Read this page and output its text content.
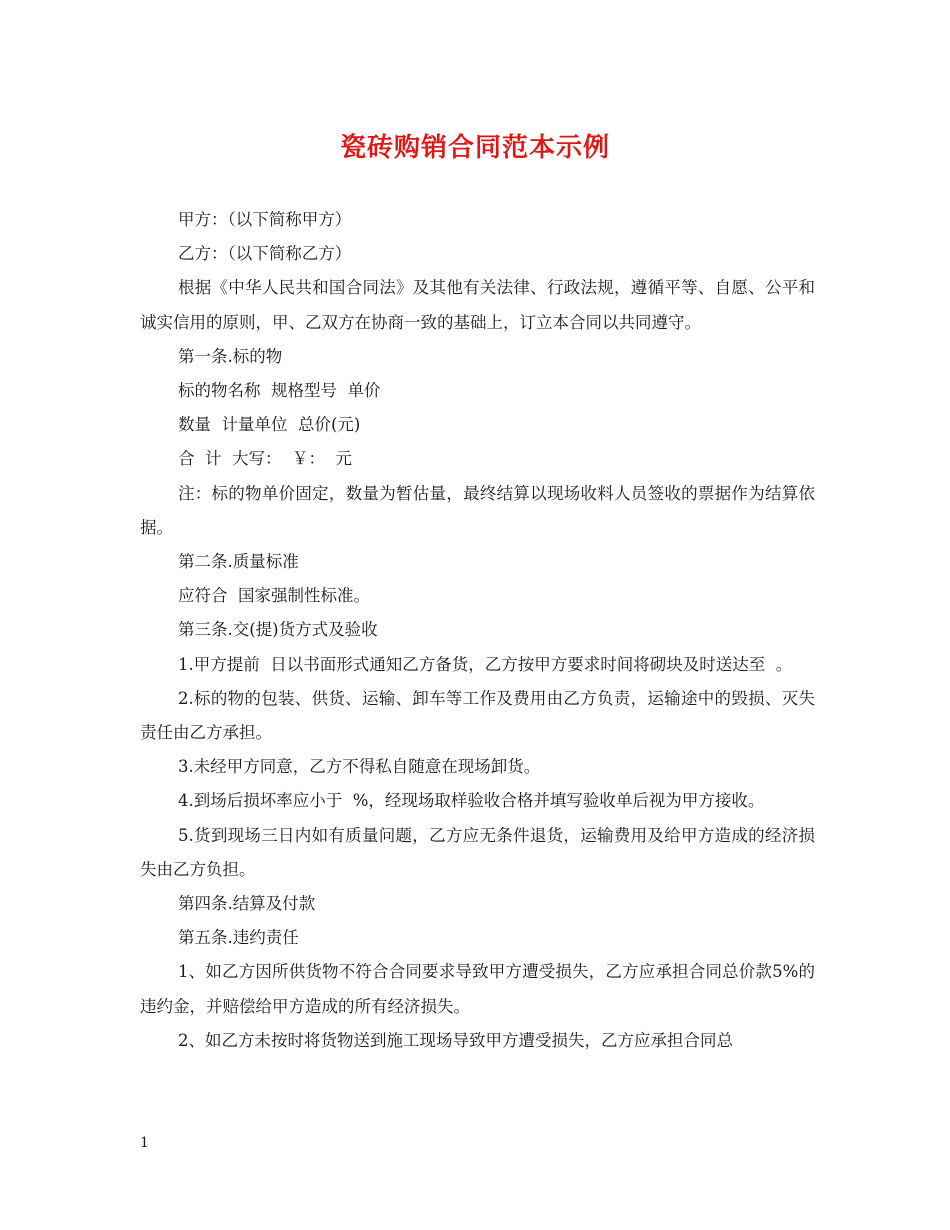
瓷砖购销合同范本示例

甲方：（以下简称甲方）

乙方：（以下简称乙方）

根据《中华人民共和国合同法》及其他有关法律、行政法规，遵循平等、自愿、公平和诚实信用的原则，甲、乙双方在协商一致的基础上，订立本合同以共同遵守。

第一条.标的物

标的物名称  规格型号  单价

数量  计量单位  总价(元)

合  计  大写：  ￥：  元

注：标的物单价固定，数量为暂估量，最终结算以现场收料人员签收的票据作为结算依据。

第二条.质量标准

应符合  国家强制性标准。

第三条.交(提)货方式及验收

1.甲方提前  日以书面形式通知乙方备货，乙方按甲方要求时间将砌块及时送达至  。

2.标的物的包装、供货、运输、卸车等工作及费用由乙方负责，运输途中的毁损、灭失责任由乙方承担。

3.未经甲方同意，乙方不得私自随意在现场卸货。

4.到场后损坏率应小于  %，经现场取样验收合格并填写验收单后视为甲方接收。

5.货到现场三日内如有质量问题，乙方应无条件退货，运输费用及给甲方造成的经济损失由乙方负担。

第四条.结算及付款

第五条.违约责任

1、如乙方因所供货物不符合合同要求导致甲方遭受损失，乙方应承担合同总价款5%的违约金，并赔偿给甲方造成的所有经济损失。

2、如乙方未按时将货物送到施工现场导致甲方遭受损失，乙方应承担合同总

1
